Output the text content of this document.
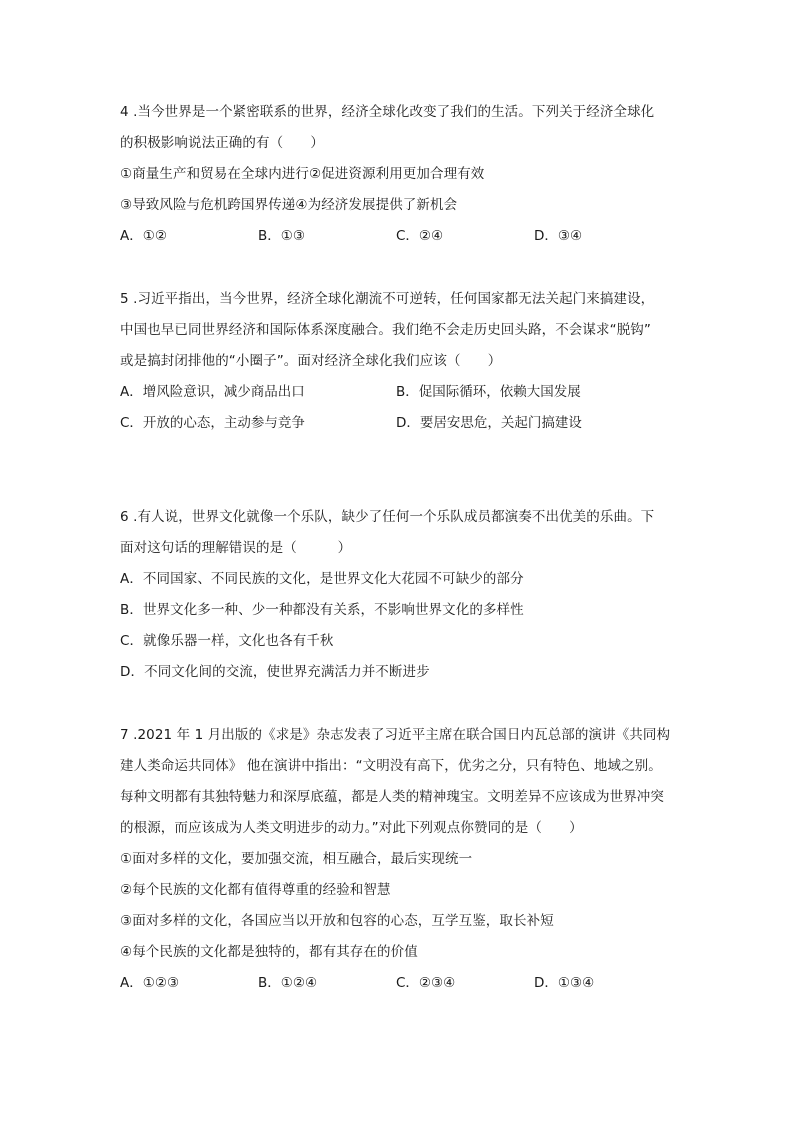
4 .当今世界是一个紧密联系的世界，经济全球化改变了我们的生活。下列关于经济全球化
的积极影响说法正确的有（　　）
①商量生产和贸易在全球内进行②促进资源利用更加合理有效
③导致风险与危机跨国界传递④为经济发展提供了新机会
A．①②	B．①③	C．②④	D．③④
5 .习近平指出，当今世界，经济全球化潮流不可逆转，任何国家都无法关起门来搞建设，
中国也早已同世界经济和国际体系深度融合。我们绝不会走历史回头路，不会谋求“脱钩”
或是搞封闭排他的“小圈子”。面对经济全球化我们应该（　　）
A．增风险意识，减少商品出口	B．促国际循环，依赖大国发展
C．开放的心态，主动参与竞争	D．要居安思危，关起门搞建设
6 .有人说，世界文化就像一个乐队，缺少了任何一个乐队成员都演奏不出优美的乐曲。下
面对这句话的理解错误的是（　　　）
A．不同国家、不同民族的文化，是世界文化大花园不可缺少的部分
B．世界文化多一种、少一种都没有关系，不影响世界文化的多样性
C．就像乐器一样，文化也各有千秋
D．不同文化间的交流，使世界充满活力并不断进步
7 .2021 年 1 月出版的《求是》杂志发表了习近平主席在联合国日内瓦总部的演讲《共同构
建人类命运共同体》 他在演讲中指出：“文明没有高下，优劣之分，只有特色、地域之别。
每种文明都有其独特魅力和深厚底蕴，都是人类的精神瑰宝。文明差异不应该成为世界冲突
的根源，而应该成为人类文明进步的动力。”对此下列观点你赞同的是（　　）
①面对多样的文化，要加强交流，相互融合，最后实现统一
②每个民族的文化都有值得尊重的经验和智慧
③面对多样的文化，各国应当以开放和包容的心态，互学互鉴，取长补短
④每个民族的文化都是独特的，都有其存在的价值
A．①②③	B．①②④	C．②③④	D．①③④
